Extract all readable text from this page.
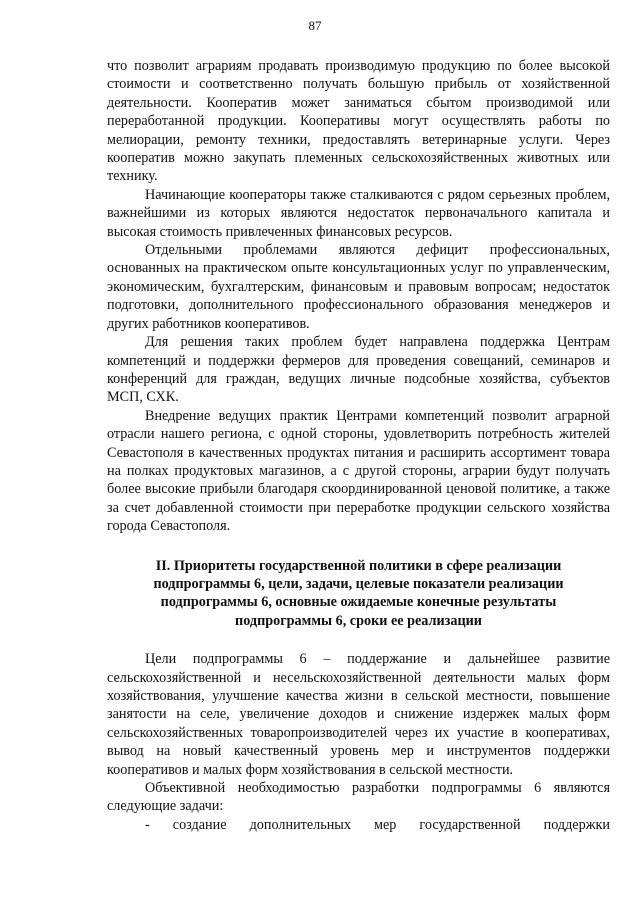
87

что позволит аграриям продавать производимую продукцию по более высокой стоимости и соответственно получать большую прибыль от хозяйственной деятельности. Кооператив может заниматься сбытом производимой или переработанной продукции. Кооперативы могут осуществлять работы по мелиорации, ремонту техники, предоставлять ветеринарные услуги. Через кооператив можно закупать племенных сельскохозяйственных животных или технику.

Начинающие кооператоры также сталкиваются с рядом серьезных проблем, важнейшими из которых являются недостаток первоначального капитала и высокая стоимость привлеченных финансовых ресурсов.

Отдельными проблемами являются дефицит профессиональных, основанных на практическом опыте консультационных услуг по управленческим, экономическим, бухгалтерским, финансовым и правовым вопросам; недостаток подготовки, дополнительного профессионального образования менеджеров и других работников кооперативов.

Для решения таких проблем будет направлена поддержка Центрам компетенций и поддержки фермеров для проведения совещаний, семинаров и конференций для граждан, ведущих личные подсобные хозяйства, субъектов МСП, СХК.

Внедрение ведущих практик Центрами компетенций позволит аграрной отрасли нашего региона, с одной стороны, удовлетворить потребность жителей Севастополя в качественных продуктах питания и расширить ассортимент товара на полках продуктовых магазинов, а с другой стороны, аграрии будут получать более высокие прибыли благодаря скоординированной ценовой политике, а также за счет добавленной стоимости при переработке продукции сельского хозяйства города Севастополя.

II. Приоритеты государственной политики в сфере реализации
подпрограммы 6, цели, задачи, целевые показатели реализации
подпрограммы 6, основные ожидаемые конечные результаты
подпрограммы 6, сроки ее реализации

Цели подпрограммы 6 – поддержание и дальнейшее развитие сельскохозяйственной и несельскохозяйственной деятельности малых форм хозяйствования, улучшение качества жизни в сельской местности, повышение занятости на селе, увеличение доходов и снижение издержек малых форм сельскохозяйственных товаропроизводителей через их участие в кооперативах, вывод на новый качественный уровень мер и инструментов поддержки кооперативов и малых форм хозяйствования в сельской местности.

Объективной необходимостью разработки подпрограммы 6 являются следующие задачи:

- создание дополнительных мер государственной поддержки
